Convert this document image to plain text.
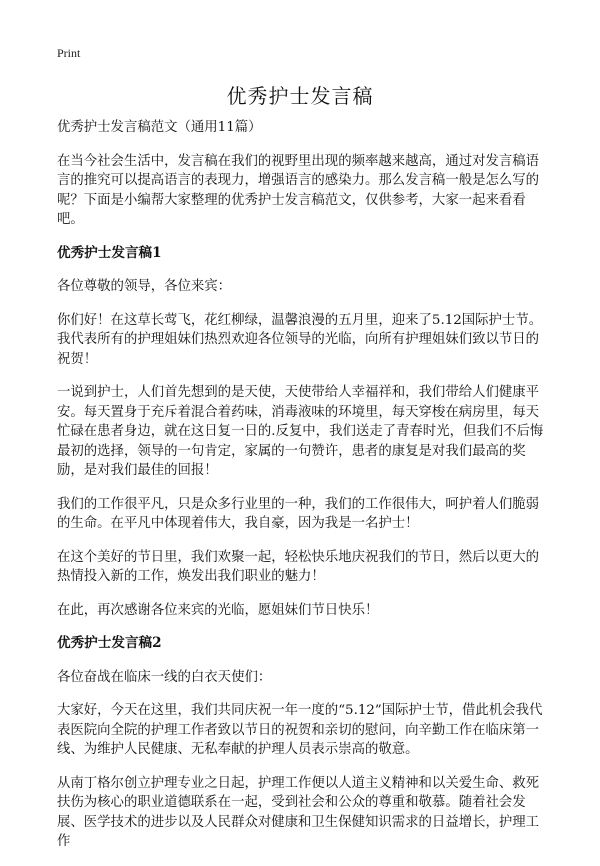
Print
优秀护士发言稿

优秀护士发言稿范文（通用11篇）

在当今社会生活中，发言稿在我们的视野里出现的频率越来越高，通过对发言稿语言的推究可以提高语言的表现力，增强语言的感染力。那么发言稿一般是怎么写的呢？下面是小编帮大家整理的优秀护士发言稿范文，仅供参考，大家一起来看看吧。

优秀护士发言稿1

各位尊敬的领导，各位来宾：

你们好！在这草长莺飞，花红柳绿，温馨浪漫的五月里，迎来了5.12国际护士节。我代表所有的护理姐妹们热烈欢迎各位领导的光临，向所有护理姐妹们致以节日的祝贺！

一说到护士，人们首先想到的是天使，天使带给人幸福祥和，我们带给人们健康平安。每天置身于充斥着混合着药味，消毒液味的环境里，每天穿梭在病房里，每天忙碌在患者身边，就在这日复一日的.反复中，我们送走了青春时光，但我们不后悔最初的选择，领导的一句肯定，家属的一句赞许，患者的康复是对我们最高的奖励，是对我们最佳的回报！

我们的工作很平凡，只是众多行业里的一种，我们的工作很伟大，呵护着人们脆弱的生命。在平凡中体现着伟大，我自豪，因为我是一名护士！

在这个美好的节日里，我们欢聚一起，轻松快乐地庆祝我们的节日，然后以更大的热情投入新的工作，焕发出我们职业的魅力！

在此，再次感谢各位来宾的光临，愿姐妹们节日快乐！

优秀护士发言稿2

各位奋战在临床一线的白衣天使们：

大家好，今天在这里，我们共同庆祝一年一度的“5.12”国际护士节，借此机会我代表医院向全院的护理工作者致以节日的祝贺和亲切的慰问，向辛勤工作在临床第一线、为维护人民健康、无私奉献的护理人员表示崇高的敬意。

从南丁格尔创立护理专业之日起，护理工作便以人道主义精神和以关爱生命、救死扶伤为核心的职业道德联系在一起，受到社会和公众的尊重和敬慕。随着社会发展、医学技术的进步以及人民群众对健康和卫生保健知识需求的日益增长，护理工作
